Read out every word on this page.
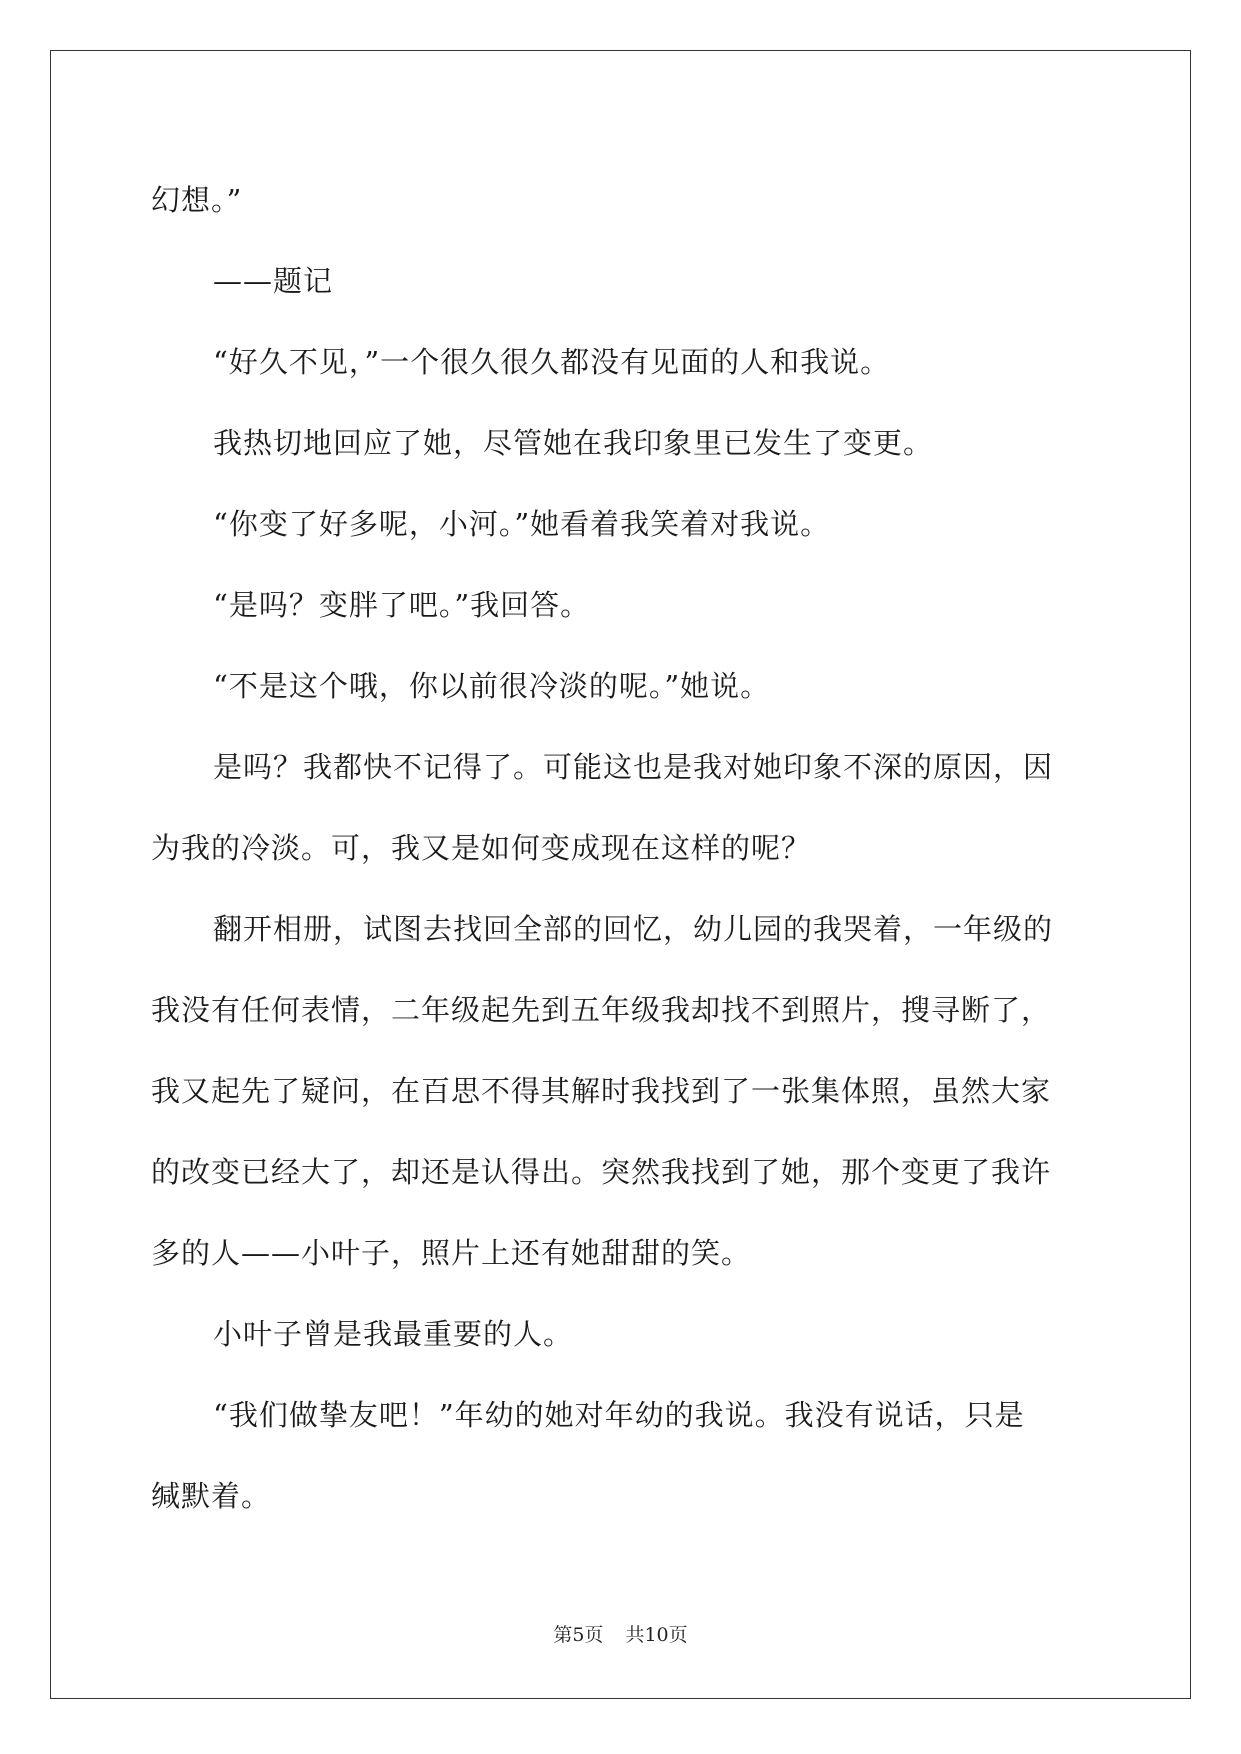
幻想。”

——题记

“好久不见，”一个很久很久都没有见面的人和我说。

我热切地回应了她，尽管她在我印象里已发生了变更。

“你变了好多呢，小河。”她看着我笑着对我说。

“是吗？变胖了吧。”我回答。

“不是这个哦，你以前很冷淡的呢。”她说。

是吗？我都快不记得了。可能这也是我对她印象不深的原因，因

为我的冷淡。可，我又是如何变成现在这样的呢？

翻开相册，试图去找回全部的回忆，幼儿园的我哭着，一年级的

我没有任何表情，二年级起先到五年级我却找不到照片，搜寻断了，

我又起先了疑问，在百思不得其解时我找到了一张集体照，虽然大家

的改变已经大了，却还是认得出。突然我找到了她，那个变更了我许

多的人——小叶子，照片上还有她甜甜的笑。

小叶子曾是我最重要的人。

“我们做挚友吧！”年幼的她对年幼的我说。我没有说话，只是

缄默着。

第5页 共10页
